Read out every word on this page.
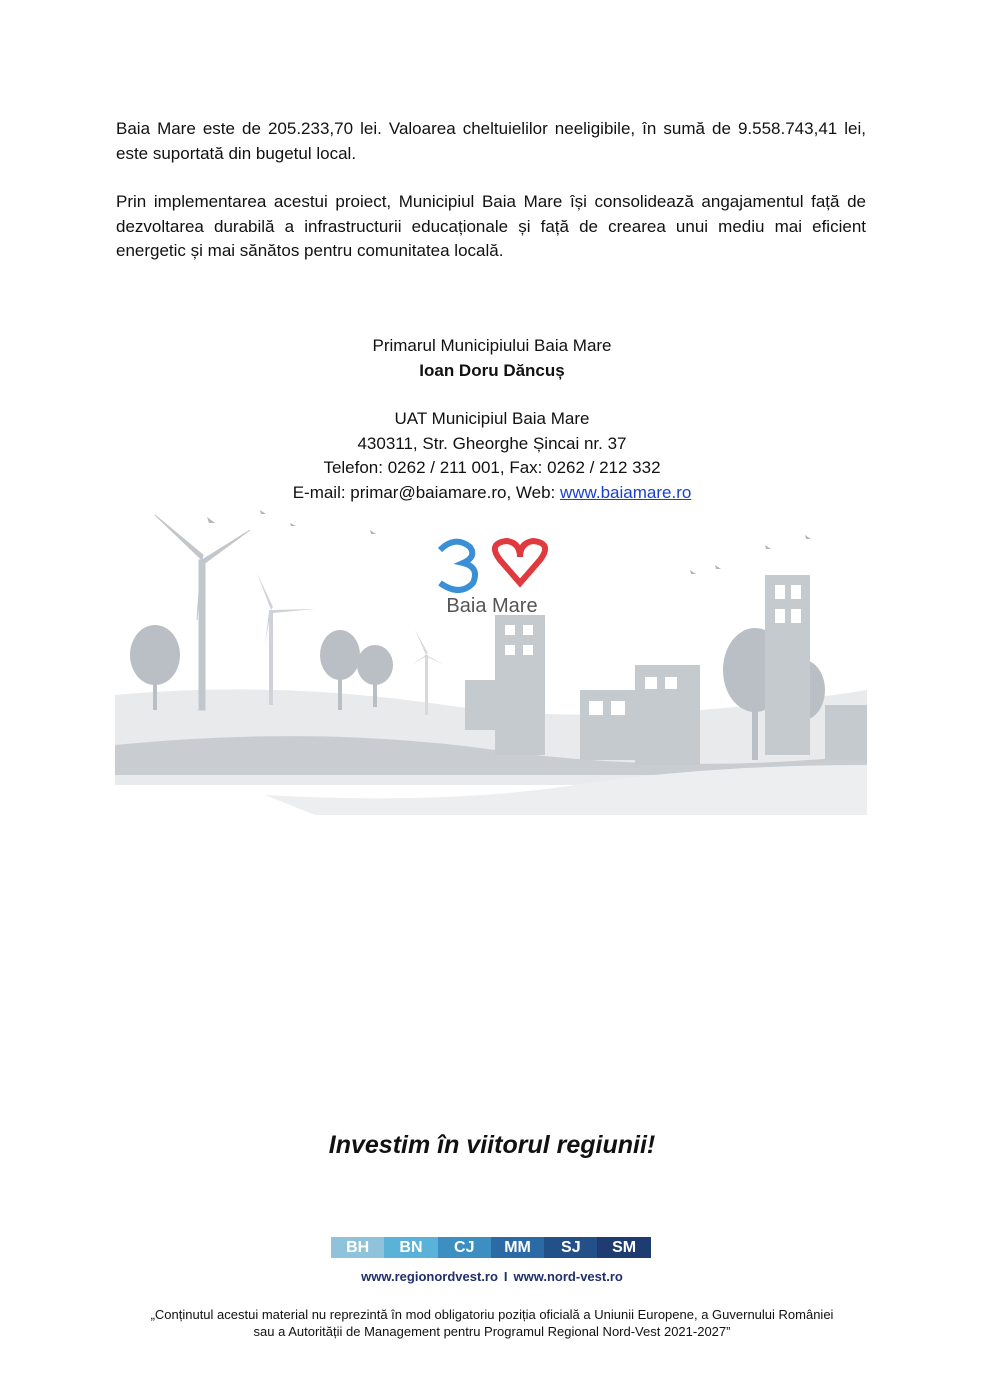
Baia Mare este de 205.233,70 lei. Valoarea cheltuielilor neeligibile, în sumă de 9.558.743,41 lei, este suportată din bugetul local.

Prin implementarea acestui proiect, Municipiul Baia Mare își consolidează angajamentul față de dezvoltarea durabilă a infrastructurii educaționale și față de crearea unui mediu mai eficient energetic și mai sănătos pentru comunitatea locală.

Primarul Municipiului Baia Mare
Ioan Doru Dăncuș
UAT Municipiul Baia Mare
430311, Str. Gheorghe Șincai nr. 37
Telefon: 0262 / 211 001, Fax: 0262 / 212 332
E-mail: primar@baiamare.ro, Web: www.baiamare.ro
Baia Mare
Investim în viitorul regiunii!
BH	BN	CJ	MM	SJ	SM
www.regionordvest.ro I www.nord-vest.ro
„Conținutul acestui material nu reprezintă în mod obligatoriu poziția oficială a Uniunii Europene, a Guvernului României sau a Autorității de Management pentru Programul Regional Nord-Vest 2021-2027”
